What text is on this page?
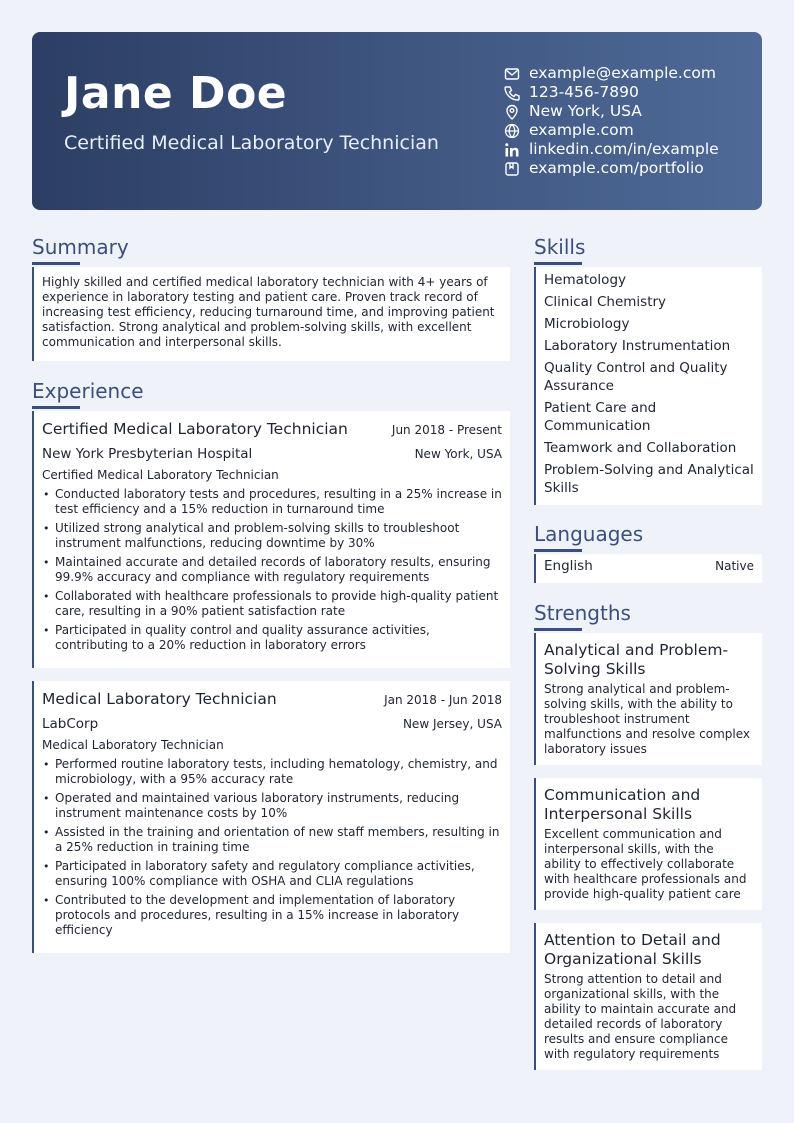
Jane Doe
Certified Medical Laboratory Technician
example@example.com
123-456-7890
New York, USA
example.com
linkedin.com/in/example
example.com/portfolio
Summary
Highly skilled and certified medical laboratory technician with 4+ years of experience in laboratory testing and patient care. Proven track record of increasing test efficiency, reducing turnaround time, and improving patient satisfaction. Strong analytical and problem-solving skills, with excellent communication and interpersonal skills.
Experience
Certified Medical Laboratory Technician	Jun 2018 - Present
New York Presbyterian Hospital	New York, USA
Certified Medical Laboratory Technician
• Conducted laboratory tests and procedures, resulting in a 25% increase in test efficiency and a 15% reduction in turnaround time
• Utilized strong analytical and problem-solving skills to troubleshoot instrument malfunctions, reducing downtime by 30%
• Maintained accurate and detailed records of laboratory results, ensuring 99.9% accuracy and compliance with regulatory requirements
• Collaborated with healthcare professionals to provide high-quality patient care, resulting in a 90% patient satisfaction rate
• Participated in quality control and quality assurance activities, contributing to a 20% reduction in laboratory errors
Medical Laboratory Technician	Jan 2018 - Jun 2018
LabCorp	New Jersey, USA
Medical Laboratory Technician
• Performed routine laboratory tests, including hematology, chemistry, and microbiology, with a 95% accuracy rate
• Operated and maintained various laboratory instruments, reducing instrument maintenance costs by 10%
• Assisted in the training and orientation of new staff members, resulting in a 25% reduction in training time
• Participated in laboratory safety and regulatory compliance activities, ensuring 100% compliance with OSHA and CLIA regulations
• Contributed to the development and implementation of laboratory protocols and procedures, resulting in a 15% increase in laboratory efficiency
Skills
Hematology
Clinical Chemistry
Microbiology
Laboratory Instrumentation
Quality Control and Quality Assurance
Patient Care and Communication
Teamwork and Collaboration
Problem-Solving and Analytical Skills
Languages
English	Native
Strengths
Analytical and Problem-Solving Skills
Strong analytical and problem-solving skills, with the ability to troubleshoot instrument malfunctions and resolve complex laboratory issues
Communication and Interpersonal Skills
Excellent communication and interpersonal skills, with the ability to effectively collaborate with healthcare professionals and provide high-quality patient care
Attention to Detail and Organizational Skills
Strong attention to detail and organizational skills, with the ability to maintain accurate and detailed records of laboratory results and ensure compliance with regulatory requirements
